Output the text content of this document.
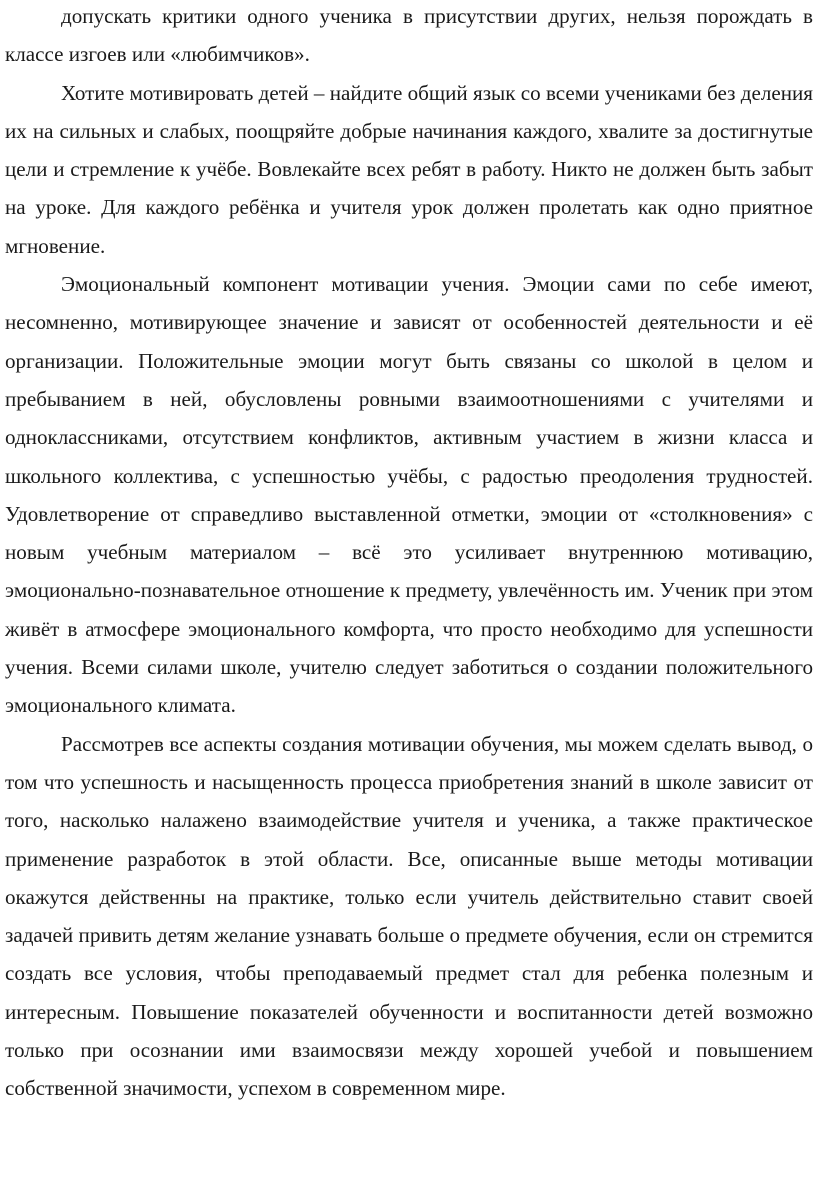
допускать критики одного ученика в присутствии других, нельзя порождать в классе изгоев или «любимчиков».

Хотите мотивировать детей – найдите общий язык со всеми учениками без деления их на сильных и слабых, поощряйте добрые начинания каждого, хвалите за достигнутые цели и стремление к учёбе. Вовлекайте всех ребят в работу. Никто не должен быть забыт на уроке. Для каждого ребёнка и учителя урок должен пролетать как одно приятное мгновение.

Эмоциональный компонент мотивации учения. Эмоции сами по себе имеют, несомненно, мотивирующее значение и зависят от особенностей деятельности и её организации. Положительные эмоции могут быть связаны со школой в целом и пребыванием в ней, обусловлены ровными взаимоотношениями с учителями и одноклассниками, отсутствием конфликтов, активным участием в жизни класса и школьного коллектива, с успешностью учёбы, с радостью преодоления трудностей. Удовлетворение от справедливо выставленной отметки, эмоции от «столкновения» с новым учебным материалом – всё это усиливает внутреннюю мотивацию, эмоционально-познавательное отношение к предмету, увлечённость им. Ученик при этом живёт в атмосфере эмоционального комфорта, что просто необходимо для успешности учения. Всеми силами школе, учителю следует заботиться о создании положительного эмоционального климата.

Рассмотрев все аспекты создания мотивации обучения, мы можем сделать вывод, о том что успешность и насыщенность процесса приобретения знаний в школе зависит от того, насколько налажено взаимодействие учителя и ученика, а также практическое применение разработок в этой области. Все, описанные выше методы мотивации окажутся действенны на практике, только если учитель действительно ставит своей задачей привить детям желание узнавать больше о предмете обучения, если он стремится создать все условия, чтобы преподаваемый предмет стал для ребенка полезным и интересным. Повышение показателей обученности и воспитанности детей возможно только при осознании ими взаимосвязи между хорошей учебой и повышением собственной значимости, успехом в современном мире.
